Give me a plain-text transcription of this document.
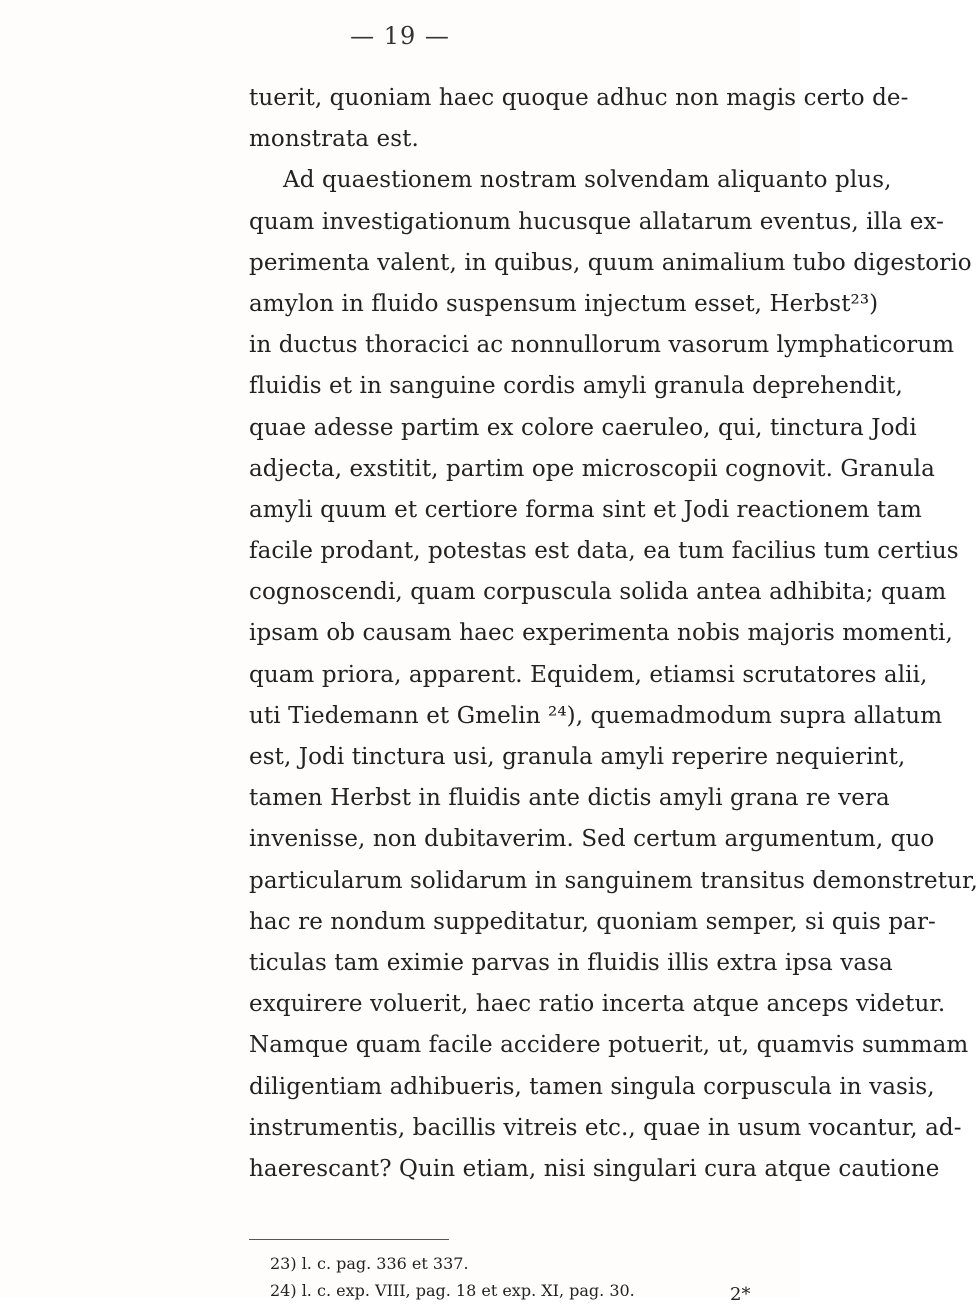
— 19 —
tuerit, quoniam haec quoque adhuc non magis certo de-
monstrata est.
Ad quaestionem nostram solvendam aliquanto plus,
quam investigationum hucusque allatarum eventus, illa ex-
perimenta valent, in quibus, quum animalium tubo digestorio
amylon in fluido suspensum injectum esset, Herbst²³)
in ductus thoracici ac nonnullorum vasorum lymphaticorum
fluidis et in sanguine cordis amyli granula deprehendit,
quae adesse partim ex colore caeruleo, qui, tinctura Jodi
adjecta, exstitit, partim ope microscopii cognovit. Granula
amyli quum et certiore forma sint et Jodi reactionem tam
facile prodant, potestas est data, ea tum facilius tum certius
cognoscendi, quam corpuscula solida antea adhibita; quam
ipsam ob causam haec experimenta nobis majoris momenti,
quam priora, apparent. Equidem, etiamsi scrutatores alii,
uti Tiedemann et Gmelin ²⁴), quemadmodum supra allatum
est, Jodi tinctura usi, granula amyli reperire nequierint,
tamen Herbst in fluidis ante dictis amyli grana re vera
invenisse, non dubitaverim. Sed certum argumentum, quo
particularum solidarum in sanguinem transitus demonstretur,
hac re nondum suppeditatur, quoniam semper, si quis par-
ticulas tam eximie parvas in fluidis illis extra ipsa vasa
exquirere voluerit, haec ratio incerta atque anceps videtur.
Namque quam facile accidere potuerit, ut, quamvis summam
diligentiam adhibueris, tamen singula corpuscula in vasis,
instrumentis, bacillis vitreis etc., quae in usum vocantur, ad-
haerescant? Quin etiam, nisi singulari cura atque cautione
23) l. c. pag. 336 et 337.
24) l. c. exp. VIII, pag. 18 et exp. XI, pag. 30.	2*
